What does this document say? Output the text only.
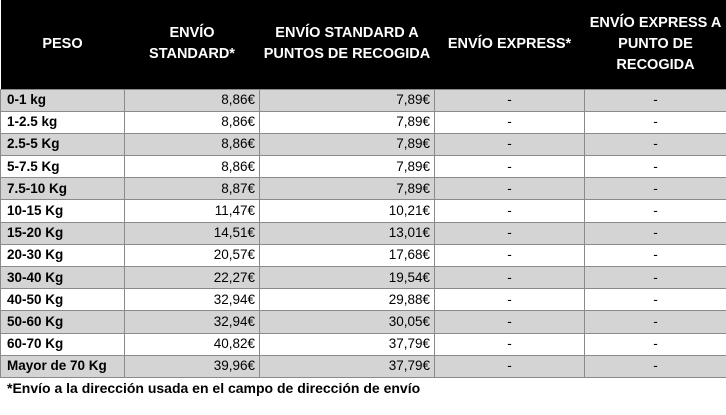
PESO	ENVÍO STANDARD*	ENVÍO STANDARD A PUNTOS DE RECOGIDA	ENVÍO EXPRESS*	ENVÍO EXPRESS A PUNTO DE RECOGIDA
0-1 kg	8,86€	7,89€	-	-
1-2.5 kg	8,86€	7,89€	-	-
2.5-5 Kg	8,86€	7,89€	-	-
5-7.5 Kg	8,86€	7,89€	-	-
7.5-10 Kg	8,87€	7,89€	-	-
10-15 Kg	11,47€	10,21€	-	-
15-20 Kg	14,51€	13,01€	-	-
20-30 Kg	20,57€	17,68€	-	-
30-40 Kg	22,27€	19,54€	-	-
40-50 Kg	32,94€	29,88€	-	-
50-60 Kg	32,94€	30,05€	-	-
60-70 Kg	40,82€	37,79€	-	-
Mayor de 70 Kg	39,96€	37,79€	-	-
*Envío a la dirección usada en el campo de dirección de envío
